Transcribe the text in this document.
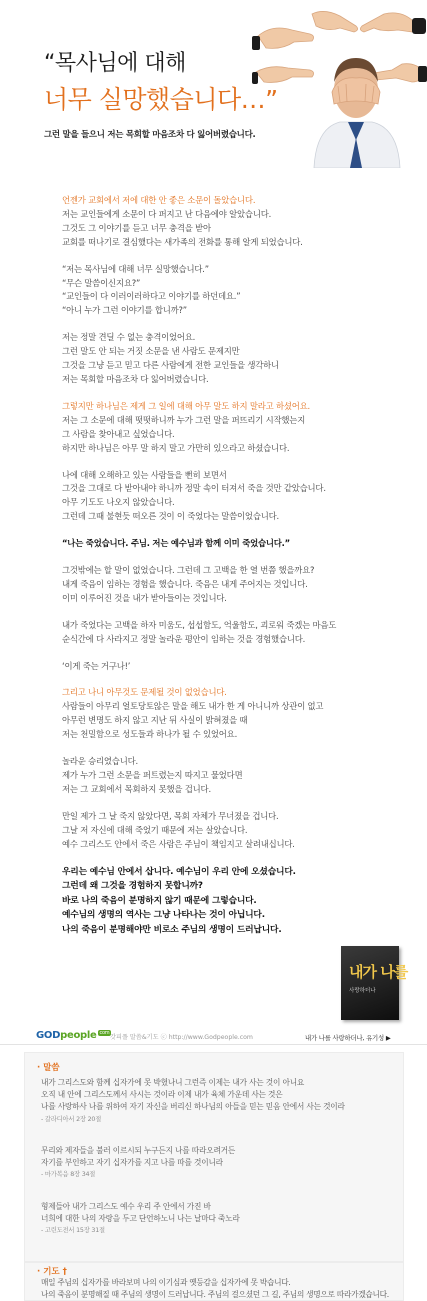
“목사님에 대해
너무 실망했습니다…”
그런 말을 들으니 저는 목회할 마음조차 다 잃어버렸습니다.

언젠가 교회에서 저에 대한 안 좋은 소문이 돌았습니다.
저는 교인들에게 소문이 다 퍼지고 난 다음에야 알았습니다.
그것도 그 이야기를 듣고 너무 충격을 받아
교회를 떠나기로 결심했다는 새가족의 전화를 통해 알게 되었습니다.

“저는 목사님에 대해 너무 실망했습니다.”
“무슨 말씀이신지요?”
“교인들이 다 이러이러하다고 이야기를 하던데요.”
“아니 누가 그런 이야기를 합니까?”

저는 정말 견딜 수 없는 충격이었어요.
그런 말도 안 되는 거짓 소문을 낸 사람도 문제지만
그것을 그냥 듣고 믿고 다른 사람에게 전한 교인들을 생각하니
저는 목회할 마음조차 다 잃어버렸습니다.

그렇지만 하나님은 제게 그 일에 대해 아무 말도 하지 말라고 하셨어요.
저는 그 소문에 대해 떳떳하니까 누가 그런 말을 퍼뜨리기 시작했는지
그 사람을 찾아내고 싶었습니다.
하지만 하나님은 아무 말 하지 말고 가만히 있으라고 하셨습니다.

나에 대해 오해하고 있는 사람들을 뻔히 보면서
그것을 그대로 다 받아내야 하니까 정말 속이 터져서 죽을 것만 같았습니다.
아무 기도도 나오지 않았습니다.
그런데 그때 불현듯 떠오른 것이 이 죽었다는 말씀이었습니다.

“나는 죽었습니다. 주님. 저는 예수님과 함께 이미 죽었습니다.”

그것밖에는 할 말이 없었습니다. 그런데 그 고백을 한 열 번쯤 했을까요?
내게 죽음이 임하는 경험을 했습니다. 죽음은 내게 주어지는 것입니다.
이미 이루어진 것을 내가 받아들이는 것입니다.

내가 죽었다는 고백을 하자 미움도, 섭섭함도, 억울함도, 괴로워 죽겠는 마음도
순식간에 다 사라지고 정말 놀라운 평안이 임하는 것을 경험했습니다.

‘이게 죽는 거구나!’

그리고 나니 아무것도 문제될 것이 없었습니다.
사람들이 아무리 얼토당토않은 말을 해도 내가 한 게 아니니까 상관이 없고
아무런 변명도 하지 않고 지난 뒤 사실이 밝혀졌을 때
저는 천밀함으로 성도들과 하나가 될 수 있었어요.

놀라운 승리였습니다.
제가 누가 그런 소문을 퍼트렸는지 따지고 물었다면
저는 그 교회에서 목회하지 못했을 겁니다.

만일 제가 그 날 죽지 않았다면, 목회 자체가 무너졌을 겁니다.
그날 저 자신에 대해 죽었기 때문에 저는 살았습니다.
예수 그리스도 안에서 죽은 사람은 주님이 책임지고 살려내십니다.

우리는 예수님 안에서 삽니다. 예수님이 우리 안에 오셨습니다.
그런데 왜 그것을 경험하지 못합니까?
바로 나의 죽음이 분명하지 않기 때문에 그렇습니다.
예수님의 생명의 역사는 그냥 나타나는 것이 아닙니다.
나의 죽음이 분명해야만 비로소 주님의 생명이 드러납니다.

내가 나를
사랑하더나
GODpeople com
갓피플 말씀&기도 ⓒ http://www.Godpeople.com	내가 나를 사랑하더나, 유기성 ▶
· 말씀
내가 그리스도와 함께 십자가에 못 박혔나니 그런즉 이제는 내가 사는 것이 아니요
오직 내 안에 그리스도께서 사시는 것이라 이제 내가 육체 가운데 사는 것은
나를 사랑하사 나를 위하여 자기 자신을 버리신 하나님의 아들을 믿는 믿음 안에서 사는 것이라
- 갈라디아서 2장 20절
무리와 제자들을 불러 이르시되 누구든지 나를 따라오려거든
자기를 부인하고 자기 십자가를 지고 나를 따를 것이니라
- 마가복음 8장 34절
형제들아 내가 그리스도 예수 우리 주 안에서 가진 바
너희에 대한 나의 자랑을 두고 단언하노니 나는 날마다 죽노라
- 고린도전서 15장 31절
· 기도 †
매일 주님의 십자가를 바라보며 나의 이기심과 옛등감을 십자가에 못 박습니다.
나의 죽음이 분명해질 때 주님의 생명이 드러납니다. 주님의 걸으셨던 그 길, 주님의 생명으로 따라가겠습니다.
